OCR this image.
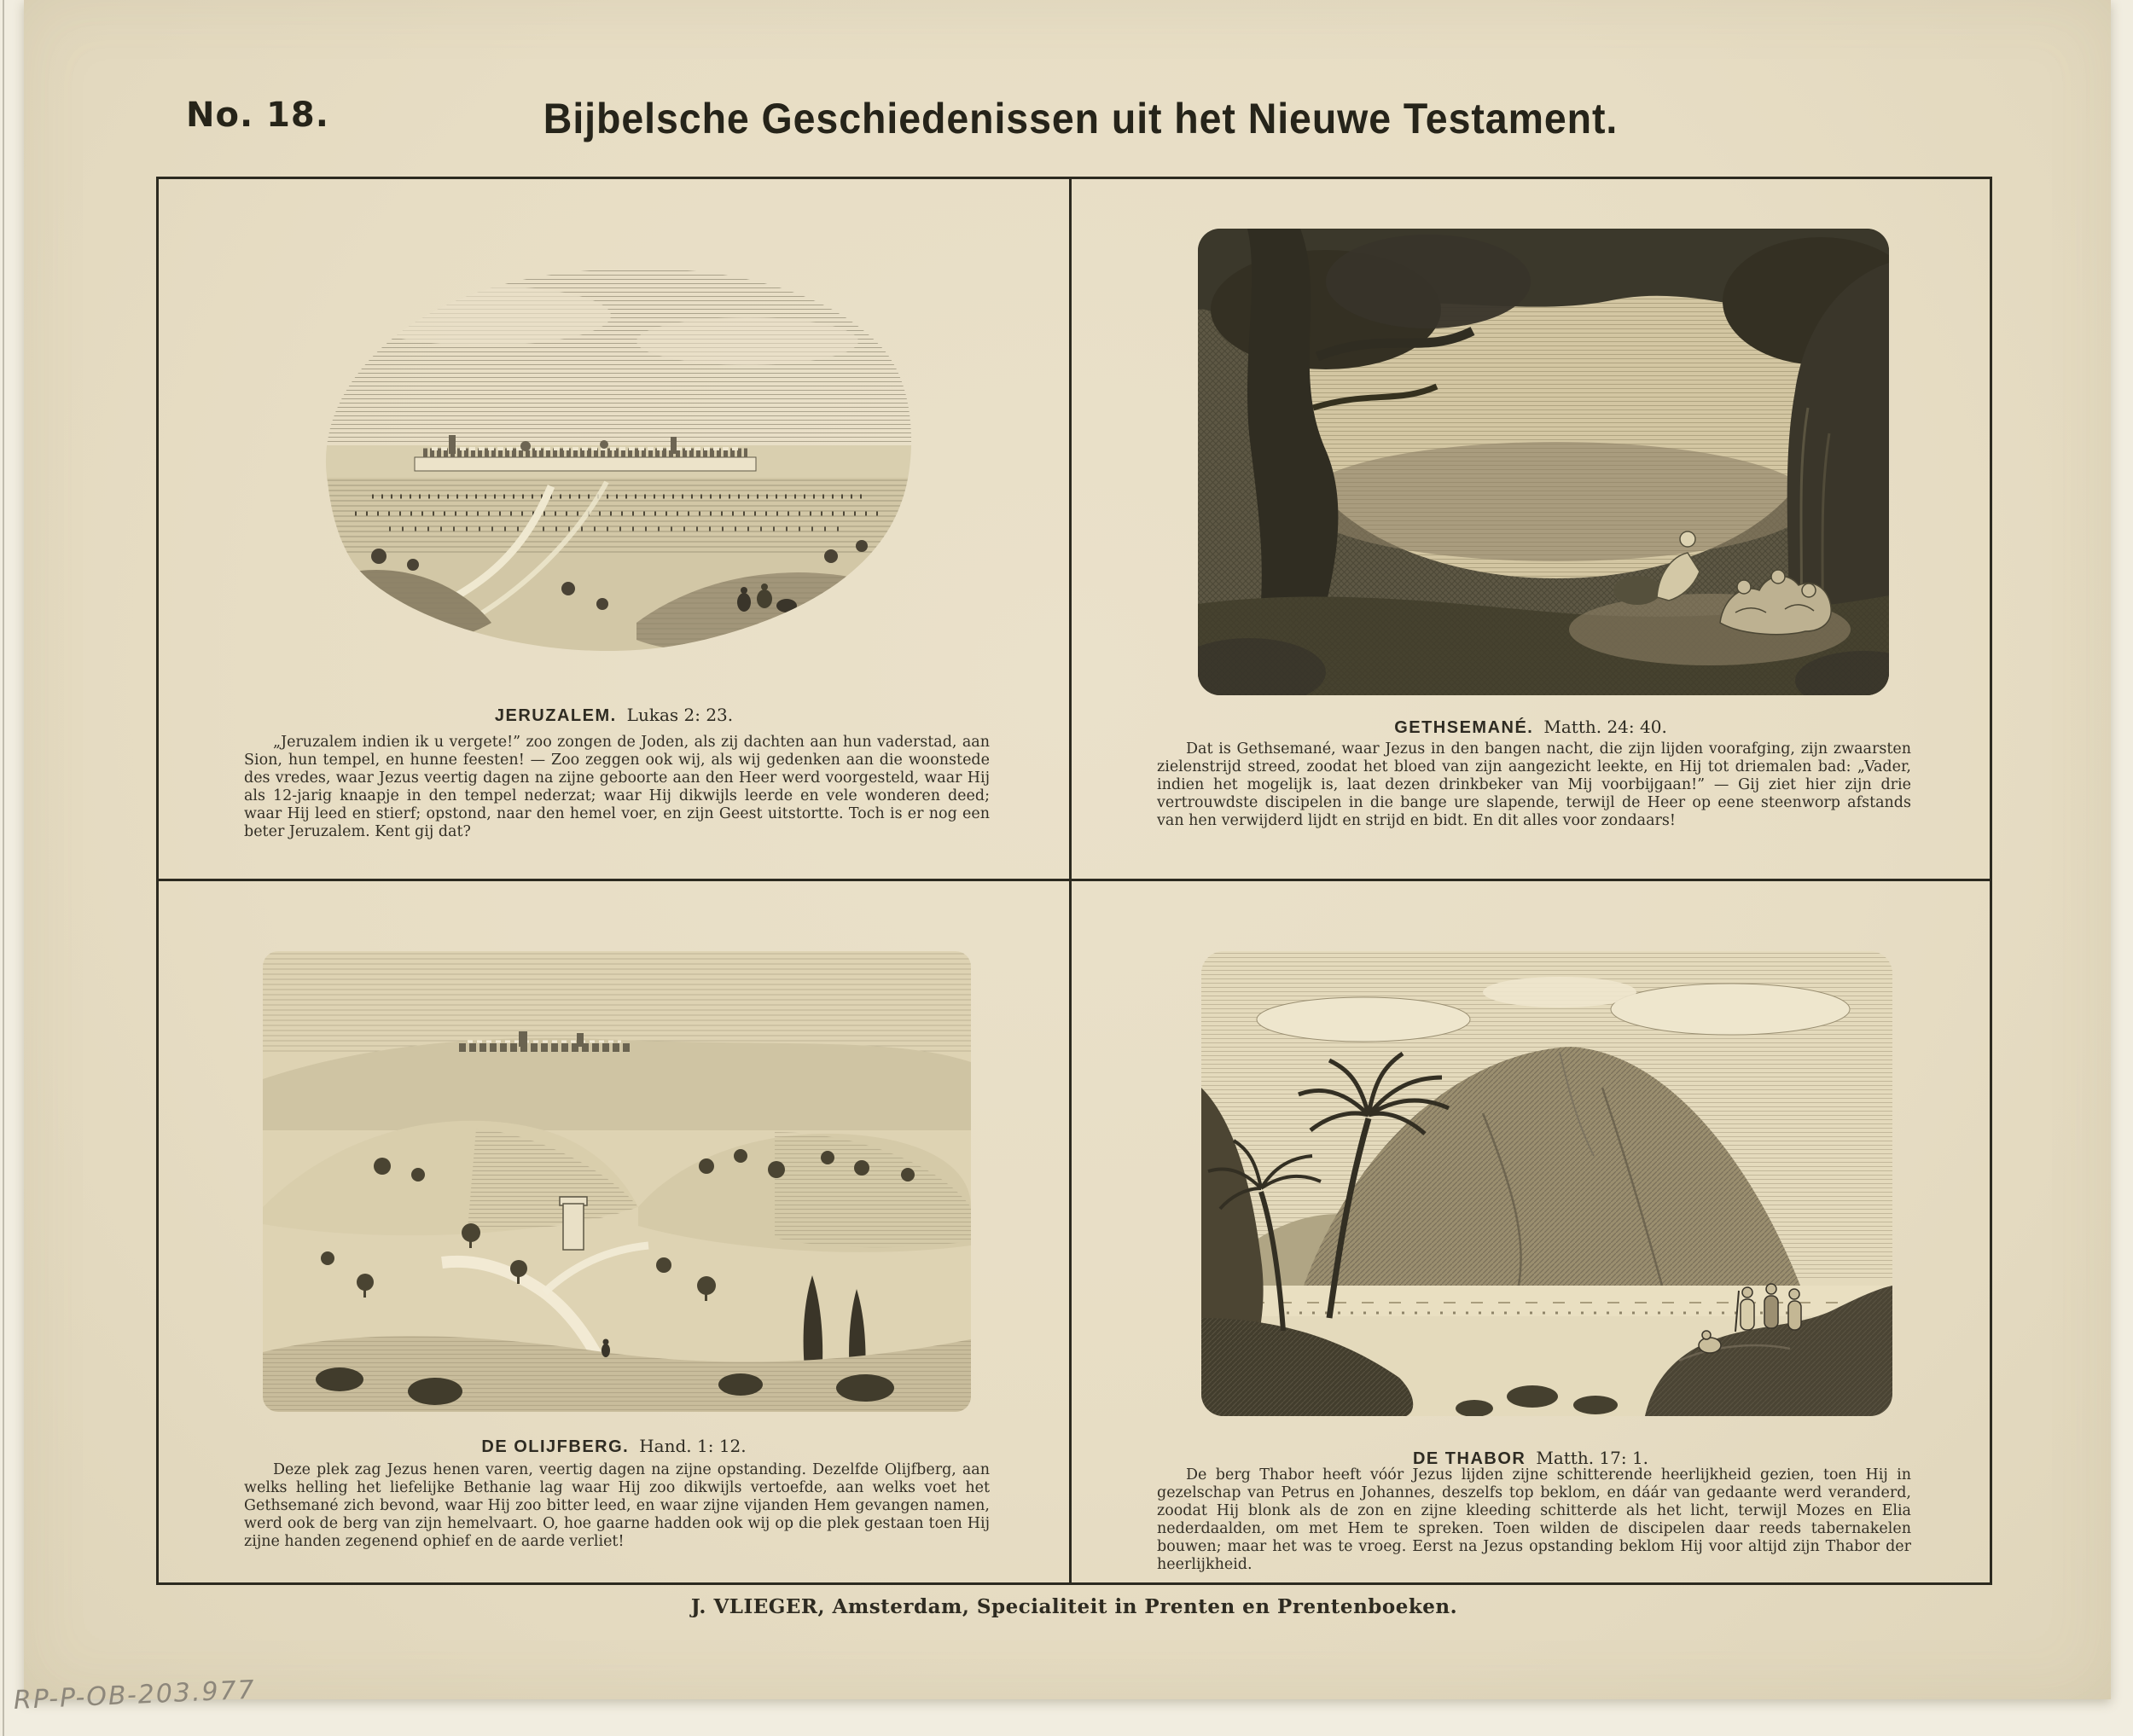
No. 18.	Bijbelsche Geschiedenissen uit het Nieuwe Testament.
JERUZALEM. Lukas 2: 23.

„Jeruzalem indien ik u vergete!” zoo zongen de Joden, als zij dachten aan hun vaderstad, aan Sion, hun tempel, en hunne feesten! — Zoo zeggen ook wij, als wij gedenken aan die woonstede des vredes, waar Jezus veertig dagen na zijne geboorte aan den Heer werd voorgesteld, waar Hij als 12-jarig knaapje in den tempel nederzat; waar Hij dikwijls leerde en vele wonderen deed; waar Hij leed en stierf; opstond, naar den hemel voer, en zijn Geest uitstortte. Toch is er nog een beter Jeruzalem. Kent gij dat?

GETHSEMANÉ. Matth. 24: 40.

Dat is Gethsemané, waar Jezus in den bangen nacht, die zijn lijden voorafging, zijn zwaarsten zielenstrijd streed, zoodat het bloed van zijn aangezicht leekte, en Hij tot driemalen bad: „Vader, indien het mogelijk is, laat dezen drinkbeker van Mij voorbijgaan!” — Gij ziet hier zijn drie vertrouwdste discipelen in die bange ure slapende, terwijl de Heer op eene steenworp afstands van hen verwijderd lijdt en strijd en bidt. En dit alles voor zondaars!

DE OLIJFBERG. Hand. 1: 12.

Deze plek zag Jezus henen varen, veertig dagen na zijne opstanding. Dezelfde Olijfberg, aan welks helling het liefelijke Bethanie lag waar Hij zoo dikwijls vertoefde, aan welks voet het Gethsemané zich bevond, waar Hij zoo bitter leed, en waar zijne vijanden Hem gevangen namen, werd ook de berg van zijn hemelvaart. O, hoe gaarne hadden ook wij op die plek gestaan toen Hij zijne handen zegenend ophief en de aarde verliet!

DE THABOR Matth. 17: 1.

De berg Thabor heeft vóór Jezus lijden zijne schitterende heerlijkheid gezien, toen Hij in gezelschap van Petrus en Johannes, deszelfs top beklom, en dáár van gedaante werd veranderd, zoodat Hij blonk als de zon en zijne kleeding schitterde als het licht, terwijl Mozes en Elia nederdaalden, om met Hem te spreken. Toen wilden de discipelen daar reeds tabernakelen bouwen; maar het was te vroeg. Eerst na Jezus opstanding beklom Hij voor altijd zijn Thabor der heerlijkheid.

J. VLIEGER, Amsterdam, Specialiteit in Prenten en Prentenboeken.
RP-P-OB-203.977
